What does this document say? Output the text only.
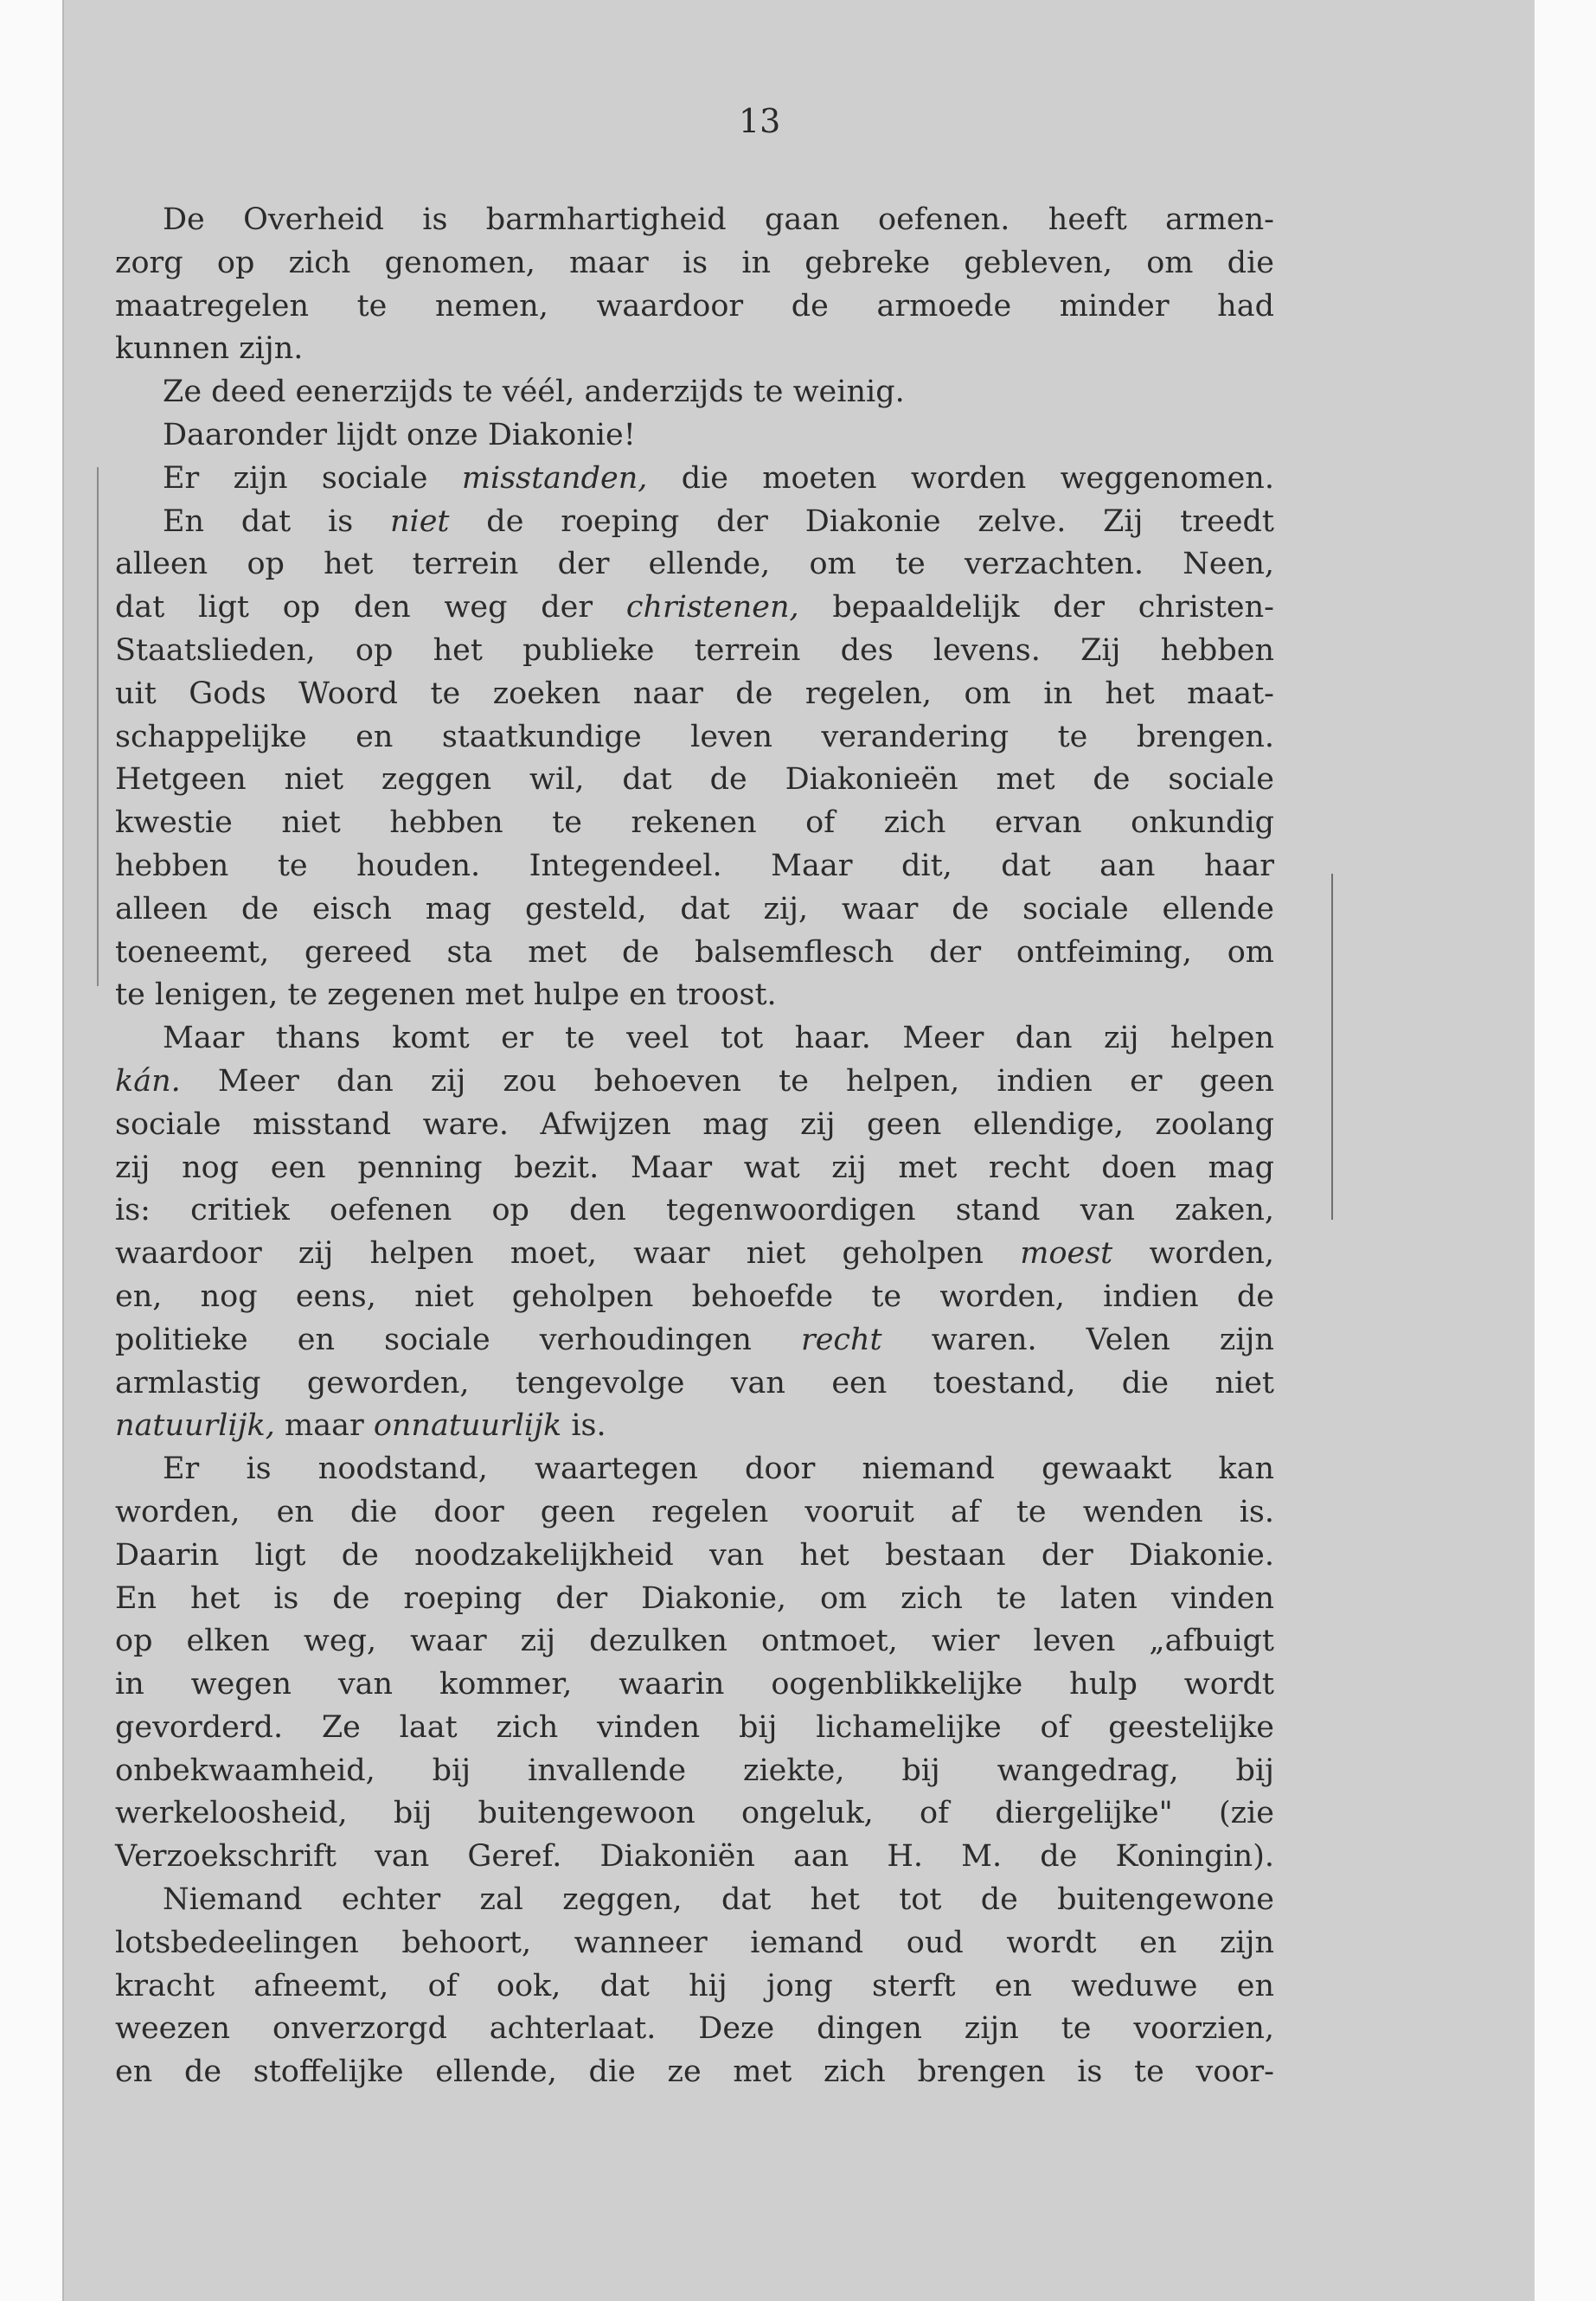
13
De Overheid is barmhartigheid gaan oefenen. heeft armen-
zorg op zich genomen, maar is in gebreke gebleven, om die
maatregelen te nemen, waardoor de armoede minder had
kunnen zijn.
Ze deed eenerzijds te véél, anderzijds te weinig.
Daaronder lijdt onze Diakonie!
Er zijn sociale misstanden, die moeten worden weggenomen.
En dat is niet de roeping der Diakonie zelve. Zij treedt
alleen op het terrein der ellende, om te verzachten. Neen,
dat ligt op den weg der christenen, bepaaldelijk der christen-
Staatslieden, op het publieke terrein des levens. Zij hebben
uit Gods Woord te zoeken naar de regelen, om in het maat-
schappelijke en staatkundige leven verandering te brengen.
Hetgeen niet zeggen wil, dat de Diakonieën met de sociale
kwestie niet hebben te rekenen of zich ervan onkundig
hebben te houden. Integendeel. Maar dit, dat aan haar
alleen de eisch mag gesteld, dat zij, waar de sociale ellende
toeneemt, gereed sta met de balsemflesch der ontfeiming, om
te lenigen, te zegenen met hulpe en troost.
Maar thans komt er te veel tot haar. Meer dan zij helpen
kán. Meer dan zij zou behoeven te helpen, indien er geen
sociale misstand ware. Afwijzen mag zij geen ellendige, zoolang
zij nog een penning bezit. Maar wat zij met recht doen mag
is: critiek oefenen op den tegenwoordigen stand van zaken,
waardoor zij helpen moet, waar niet geholpen moest worden,
en, nog eens, niet geholpen behoefde te worden, indien de
politieke en sociale verhoudingen recht waren. Velen zijn
armlastig geworden, tengevolge van een toestand, die niet
natuurlijk, maar onnatuurlijk is.
Er is noodstand, waartegen door niemand gewaakt kan
worden, en die door geen regelen vooruit af te wenden is.
Daarin ligt de noodzakelijkheid van het bestaan der Diakonie.
En het is de roeping der Diakonie, om zich te laten vinden
op elken weg, waar zij dezulken ontmoet, wier leven „afbuigt
in wegen van kommer, waarin oogenblikkelijke hulp wordt
gevorderd. Ze laat zich vinden bij lichamelijke of geestelijke
onbekwaamheid, bij invallende ziekte, bij wangedrag, bij
werkeloosheid, bij buitengewoon ongeluk, of diergelijke" (zie
Verzoekschrift van Geref. Diakoniën aan H. M. de Koningin).
Niemand echter zal zeggen, dat het tot de buitengewone
lotsbedeelingen behoort, wanneer iemand oud wordt en zijn
kracht afneemt, of ook, dat hij jong sterft en weduwe en
weezen onverzorgd achterlaat. Deze dingen zijn te voorzien,
en de stoffelijke ellende, die ze met zich brengen is te voor-
